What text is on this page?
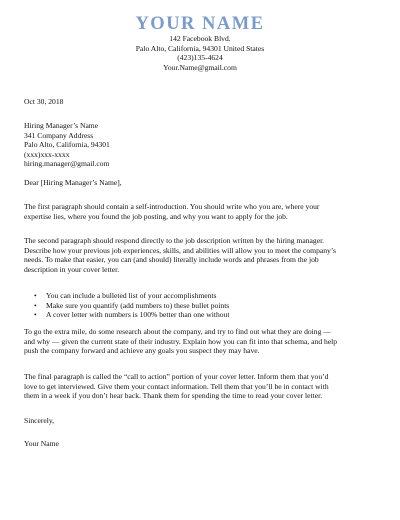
YOUR NAME
142 Facebook Blvd.
Palo Alto, California, 94301 United States
(423)135-4624
Your.Name@gmail.com
Oct 30, 2018
Hiring Manager’s Name
341 Company Address
Palo Alto, California, 94301
(xxx)xxx-xxxx
hiring.manager@gmail.com
Dear [Hiring Manager’s Name],
The first paragraph should contain a self-introduction. You should write who you are, where your
expertise lies, where you found the job posting, and why you want to apply for the job.
The second paragraph should respond directly to the job description written by the hiring manager.
Describe how your previous job experiences, skills, and abilities will allow you to meet the company’s
needs. To make that easier, you can (and should) literally include words and phrases from the job
description in your cover letter.
• You can include a bulleted list of your accomplishments
• Make sure you quantify (add numbers to) these bullet points
• A cover letter with numbers is 100% better than one without
To go the extra mile, do some research about the company, and try to find out what they are doing —
and why — given the current state of their industry. Explain how you can fit into that schema, and help
push the company forward and achieve any goals you suspect they may have.
The final paragraph is called the “call to action” portion of your cover letter. Inform them that you’d
love to get interviewed. Give them your contact information. Tell them that you’ll be in contact with
them in a week if you don’t hear back. Thank them for spending the time to read your cover letter.
Sincerely,
Your Name
